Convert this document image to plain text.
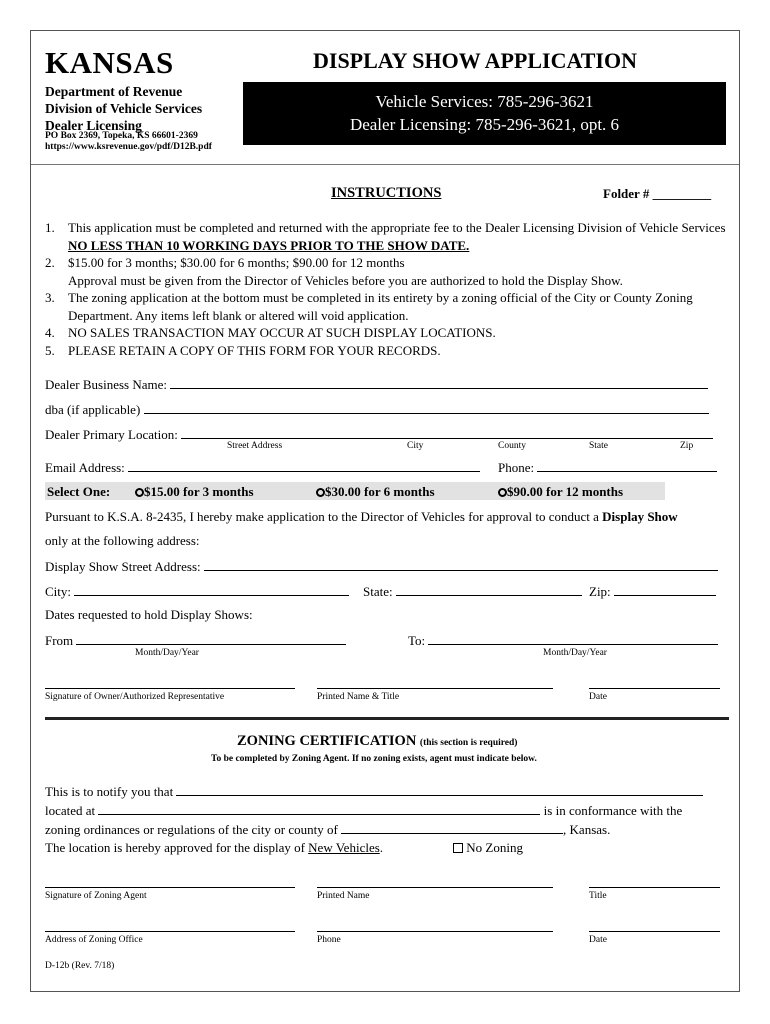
KANSAS	DISPLAY SHOW APPLICATION
Department of Revenue
Division of Vehicle Services
Dealer Licensing
PO Box 2369, Topeka, KS 66601-2369
https://www.ksrevenue.gov/pdf/D12B.pdf
Vehicle Services: 785-296-3621
Dealer Licensing: 785-296-3621, opt. 6
INSTRUCTIONS	Folder # _________
1.	This application must be completed and returned with the appropriate fee to the Dealer Licensing Division of Vehicle Services NO LESS THAN 10 WORKING DAYS PRIOR TO THE SHOW DATE.
2.	$15.00 for 3 months; $30.00 for 6 months; $90.00 for 12 months
Approval must be given from the Director of Vehicles before you are authorized to hold the Display Show.
3.	The zoning application at the bottom must be completed in its entirety by a zoning official of the City or County Zoning Department. Any items left blank or altered will void application.
4.	NO SALES TRANSACTION MAY OCCUR AT SUCH DISPLAY LOCATIONS.
5.	PLEASE RETAIN A COPY OF THIS FORM FOR YOUR RECORDS.
Dealer Business Name:
dba (if applicable)
Dealer Primary Location:
Street Address	City	County	State	Zip
Email Address:	Phone:
Select One:	$15.00 for 3 months	$30.00 for 6 months	$90.00 for 12 months
Pursuant to K.S.A. 8-2435, I hereby make application to the Director of Vehicles for approval to conduct a Display Show
only at the following address:
Display Show Street Address:
City:	State:	Zip:
Dates requested to hold Display Shows:
From	To:
Month/Day/Year	Month/Day/Year
Signature of Owner/Authorized Representative	Printed Name & Title	Date
ZONING CERTIFICATION (this section is required)
To be completed by Zoning Agent. If no zoning exists, agent must indicate below.
This is to notify you that
located at	is in conformance with the
zoning ordinances or regulations of the city or county of	, Kansas.
The location is hereby approved for the display of New Vehicles.	No Zoning
Signature of Zoning Agent	Printed Name	Title
Address of Zoning Office	Phone	Date
D-12b (Rev. 7/18)
